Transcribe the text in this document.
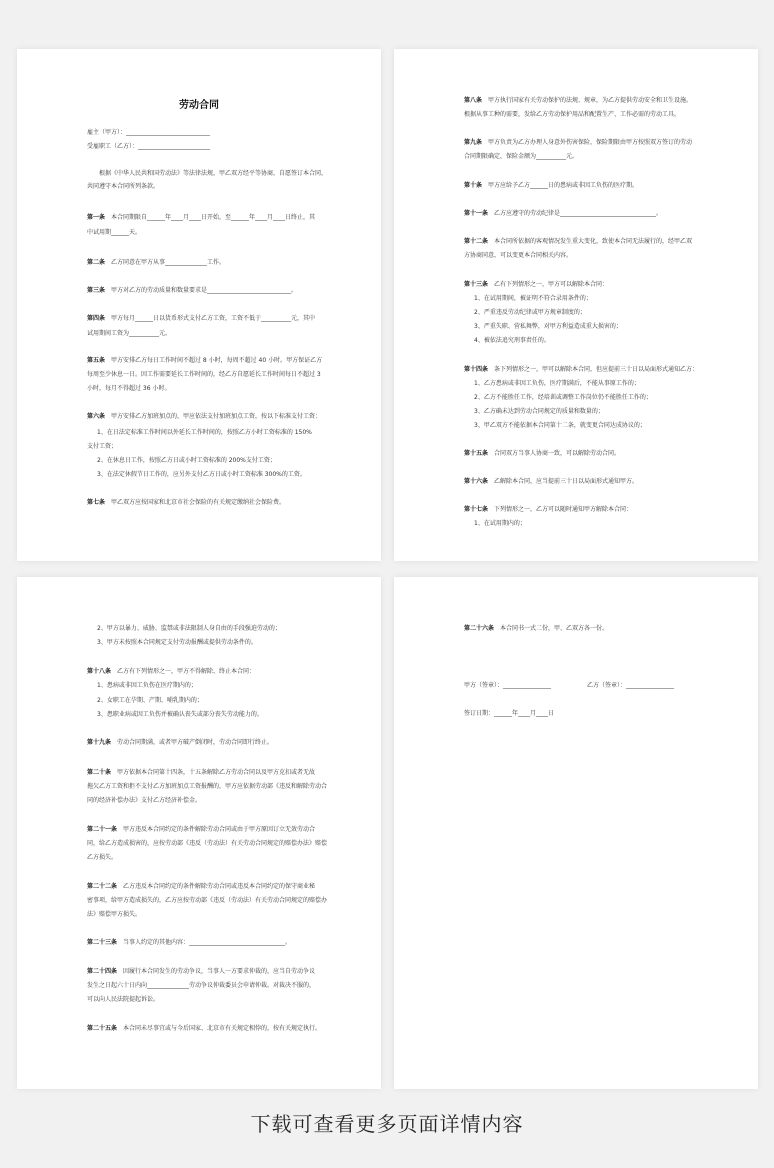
劳动合同
雇主（甲方）：____________________________
受雇职工（乙方）：________________________
　　根据《中华人民共和国劳动法》等法律法规，甲乙双方经平等协商，自愿签订本合同，
共同遵守本合同所列条款。
第一条　本合同期限自______年____月____日开始，至______年____月____日终止，其
中试用期______天。
第二条　乙方同意在甲方从事______________工作。
第三条　甲方对乙方的劳动质量和数量要求是____________________________。
第四条　甲方每月______日以货币形式支付乙方工资，工资不低于__________元，其中
试用期间工资为__________元。
第五条　甲方安排乙方每日工作时间不超过 8 小时，每周不超过 40 小时。甲方保证乙方
每周至少休息一日。因工作需要延长工作时间的，经乙方自愿延长工作时间每日不超过 3
小时，每月不得超过 36 小时。
第六条　甲方安排乙方加班加点的，甲应依法支付加班加点工资，按以下标准支付工资：
1、在日法定标准工作时间以外延长工作时间的，按照乙方小时工资标准的 150%
支付工资；
2、在休息日工作，按照乙方日或小时工资标准的 200%支付工资；
3、在法定休假节日工作的，应另外支付乙方日或小时工资标准 300%的工资。
第七条　甲乙双方应按国家和北京市社会保险的有关规定缴纳社会保险费。
第八条　甲方执行国家有关劳动保护的法规、规章，为乙方提供劳动安全和卫生设施。
根据从事工种的需要，发给乙方劳动保护用品和配置生产、工作必需的劳动工具。
第九条　甲方负责为乙方办理人身意外伤害保险，保险期限由甲方按照双方签订的劳动
合同期限确定，保险金额为__________元。
第十条　甲方应给予乙方______日的患病或非因工负伤的医疗期。
第十一条　乙方应遵守的劳动纪律是________________________________。
第十二条　本合同所依据的客观情况发生重大变化，致使本合同无法履行的，经甲乙双
方协商同意，可以变更本合同相关内容。
第十三条　乙有下列情形之一，甲方可以解除本合同：
1、在试用期间，被证明不符合录用条件的；
2、严重违反劳动纪律或甲方规章制度的；
3、严重失职、营私舞弊，对甲方利益造成重大损害的；
4、被依法追究刑事责任的。
第十四条　条下列情形之一，甲可以解除本合同，但应提前三十日以局面形式通知乙方：
1、乙方患病或非因工负伤，医疗期满后，不能从事原工作的；
2、乙方不能胜任工作，经培训或调整工作岗位仍不能胜任工作的；
3、乙方确未达到劳动合同规定的质量和数量的；
3、甲乙双方不能依据本合同第十二条，就变更合同达成协议的；
第十五条　合同双方当事人协商一致，可以解除劳动合同。
第十六条　乙解除本合同，应当提前三十日以局面形式通知甲方。
第十七条　下列情形之一，乙方可以随时通知甲方解除本合同：
1、在试用期内的；
2、甲方以暴力、威胁、监禁或非法限制人身自由的手段强迫劳动的；
3、甲方未按照本合同规定支付劳动报酬或提供劳动条件的。
第十八条　乙方有下列情形之一，甲方不得解除、终止本合同：
1、患病或非因工负伤在医疗期内的；
2、女职工在孕期、产期、哺乳期内的；
3、患职业病或因工负伤并被确认丧失或部分丧失劳动能力的。
第十九条　劳动合同期满，或者甲方破产倒闭时，劳动合同即行终止。
第二十条　甲方依据本合同第十四条，十五条解除乙方劳动合同以及甲方克扣或者无故
拖欠乙方工资和拒不支付乙方加班加点工资报酬的，甲方应依据劳动部《违反和解除劳动合
同的经济补偿办法》支付乙方经济补偿金。
第二十一条　甲方违反本合同约定的条件解除劳动合同或由于甲方原因订立无效劳动合
同，给乙方造成损害的，应按劳动部《违反（劳动法）有关劳动合同规定的赔偿办法》赔偿
乙方损失。
第二十二条　乙方违反本合同约定的条件解除劳动合同或违反本合同约定的保守商业秘
密事项，给甲方造成损失的，乙方应按劳动部《违反（劳动法）有关劳动合同规定的赔偿办
法》赔偿甲方损失。
第二十三条　当事人约定的其他内容：________________________________。
第二十四条　因履行本合同发生的劳动争议，当事人一方要求仲裁的，应当自劳动争议
发生之日起六十日内向______________劳动争议仲裁委员会申请仲裁。对裁决不服的，
可以向人民法院提起诉讼。
第二十五条　本合同未尽事宜或与今后国家、北京市有关规定相悖的，按有关规定执行。
第二十六条　本合同书一式二份，甲、乙双方各一份。
甲方（签章）：________________　　　　　　乙方（签章）：________________
签订日期：______年____月____日
下载可查看更多页面详情内容
